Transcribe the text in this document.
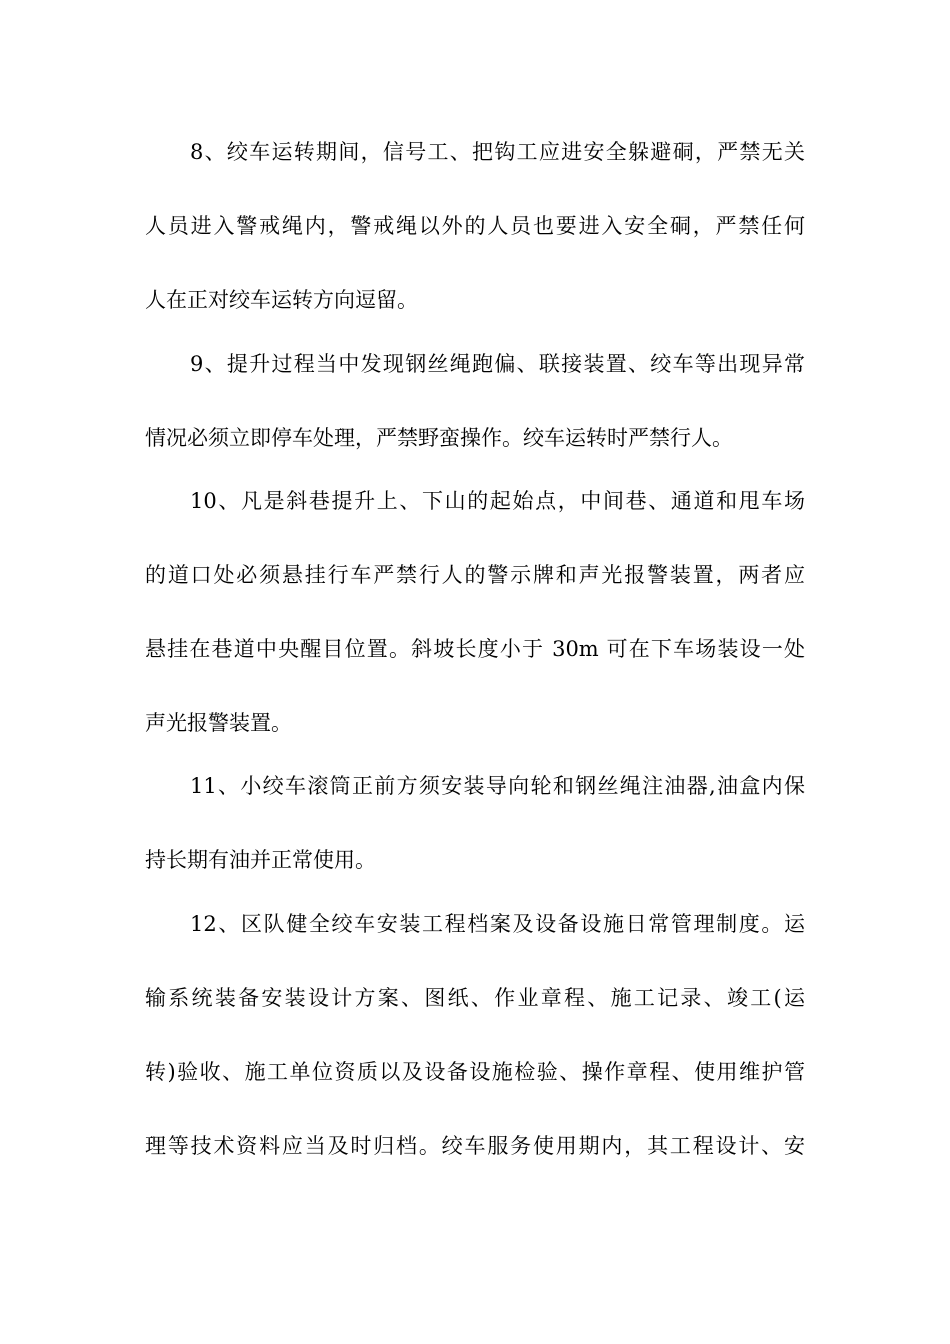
8、绞车运转期间，信号工、把钩工应进安全躲避硐，严禁无关
人员进入警戒绳内，警戒绳以外的人员也要进入安全硐，严禁任何
人在正对绞车运转方向逗留。
9、提升过程当中发现钢丝绳跑偏、联接装置、绞车等出现异常
情况必须立即停车处理，严禁野蛮操作。绞车运转时严禁行人。
10、凡是斜巷提升上、下山的起始点，中间巷、通道和甩车场
的道口处必须悬挂行车严禁行人的警示牌和声光报警装置，两者应
悬挂在巷道中央醒目位置。斜坡长度小于 30m 可在下车场装设一处
声光报警装置。
11、小绞车滚筒正前方须安装导向轮和钢丝绳注油器,油盒内保
持长期有油并正常使用。
12、区队健全绞车安装工程档案及设备设施日常管理制度。运
输系统装备安装设计方案、图纸、作业章程、施工记录、竣工(运
转)验收、施工单位资质以及设备设施检验、操作章程、使用维护管
理等技术资料应当及时归档。绞车服务使用期内，其工程设计、安
